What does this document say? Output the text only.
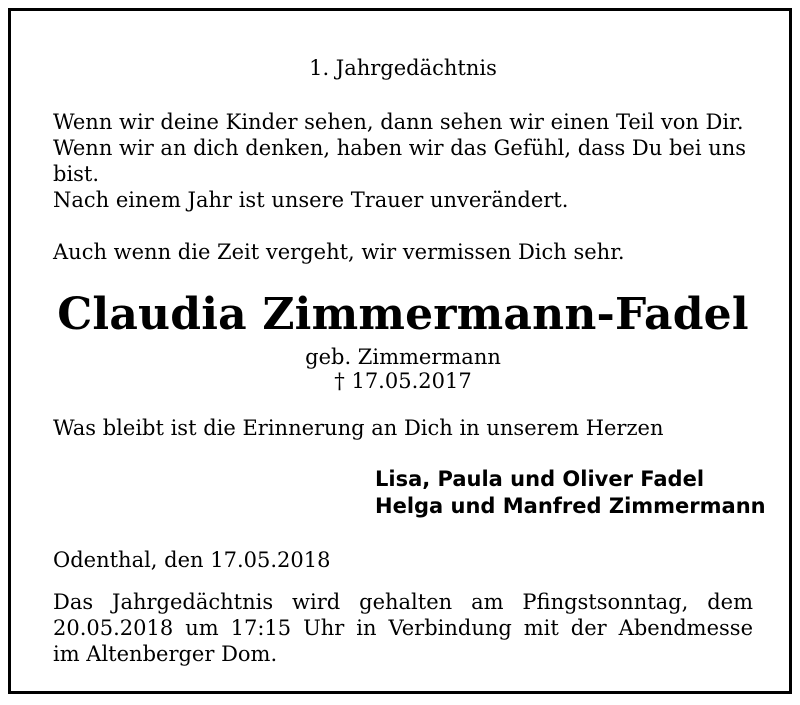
1. Jahrgedächtnis
Wenn wir deine Kinder sehen, dann sehen wir einen Teil von Dir.
Wenn wir an dich denken, haben wir das Gefühl, dass Du bei uns
bist.
Nach einem Jahr ist unsere Trauer unverändert.
Auch wenn die Zeit vergeht, wir vermissen Dich sehr.
Claudia Zimmermann-Fadel
geb. Zimmermann
† 17.05.2017
Was bleibt ist die Erinnerung an Dich in unserem Herzen
Lisa, Paula und Oliver Fadel
Helga und Manfred Zimmermann
Odenthal, den 17.05.2018
Das Jahrgedächtnis wird gehalten am Pfingstsonntag, dem
20.05.2018 um 17:15 Uhr in Verbindung mit der Abendmesse
im Altenberger Dom.
